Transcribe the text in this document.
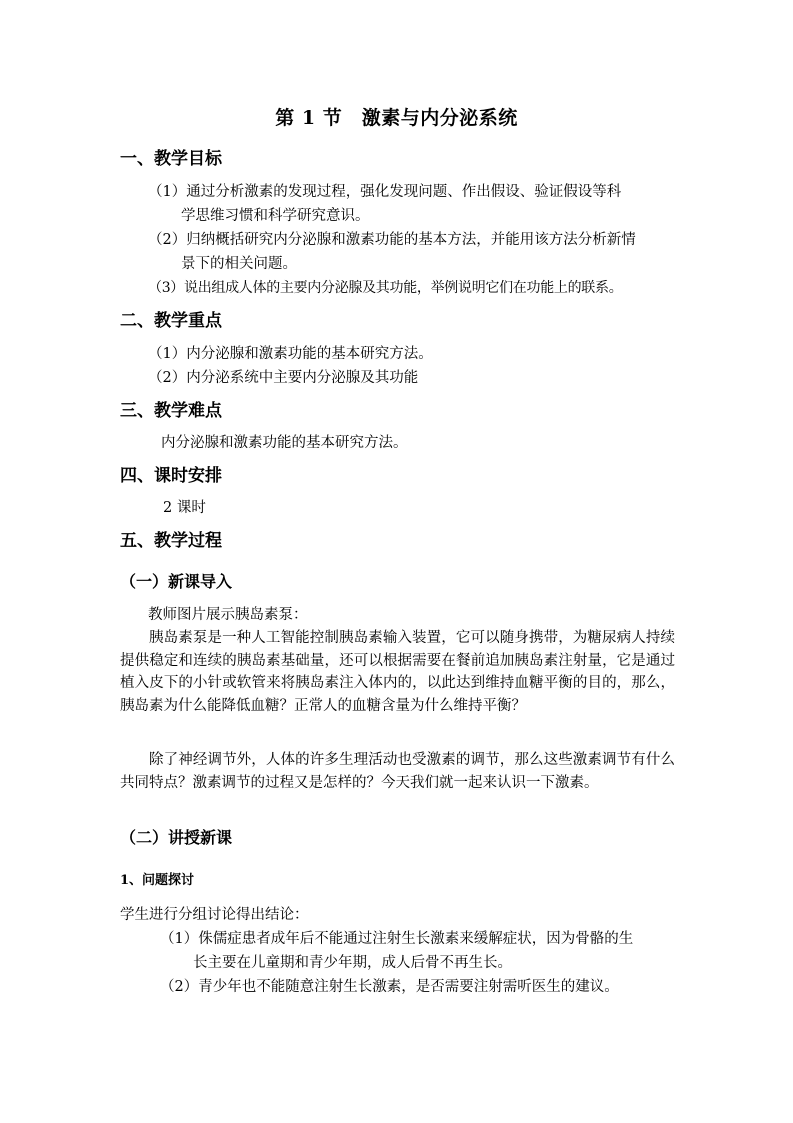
第 1 节　激素与内分泌系统
一、教学目标
（1）通过分析激素的发现过程，强化发现问题、作出假设、验证假设等科
学思维习惯和科学研究意识。
（2）归纳概括研究内分泌腺和激素功能的基本方法，并能用该方法分析新情
景下的相关问题。
（3）说出组成人体的主要内分泌腺及其功能，举例说明它们在功能上的联系。
二、教学重点
（1）内分泌腺和激素功能的基本研究方法。
（2）内分泌系统中主要内分泌腺及其功能
三、教学难点
内分泌腺和激素功能的基本研究方法。
四、课时安排
2 课时
五、教学过程
（一）新课导入
教师图片展示胰岛素泵：
胰岛素泵是一种人工智能控制胰岛素输入装置，它可以随身携带，为糖尿病人持续提供稳定和连续的胰岛素基础量，还可以根据需要在餐前追加胰岛素注射量，它是通过植入皮下的小针或软管来将胰岛素注入体内的，以此达到维持血糖平衡的目的，那么，胰岛素为什么能降低血糖？正常人的血糖含量为什么维持平衡？
除了神经调节外，人体的许多生理活动也受激素的调节，那么这些激素调节有什么共同特点？激素调节的过程又是怎样的？今天我们就一起来认识一下激素。
（二）讲授新课
1、问题探讨
学生进行分组讨论得出结论：
（1）侏儒症患者成年后不能通过注射生长激素来缓解症状，因为骨骼的生
长主要在儿童期和青少年期，成人后骨不再生长。
（2）青少年也不能随意注射生长激素，是否需要注射需听医生的建议。
